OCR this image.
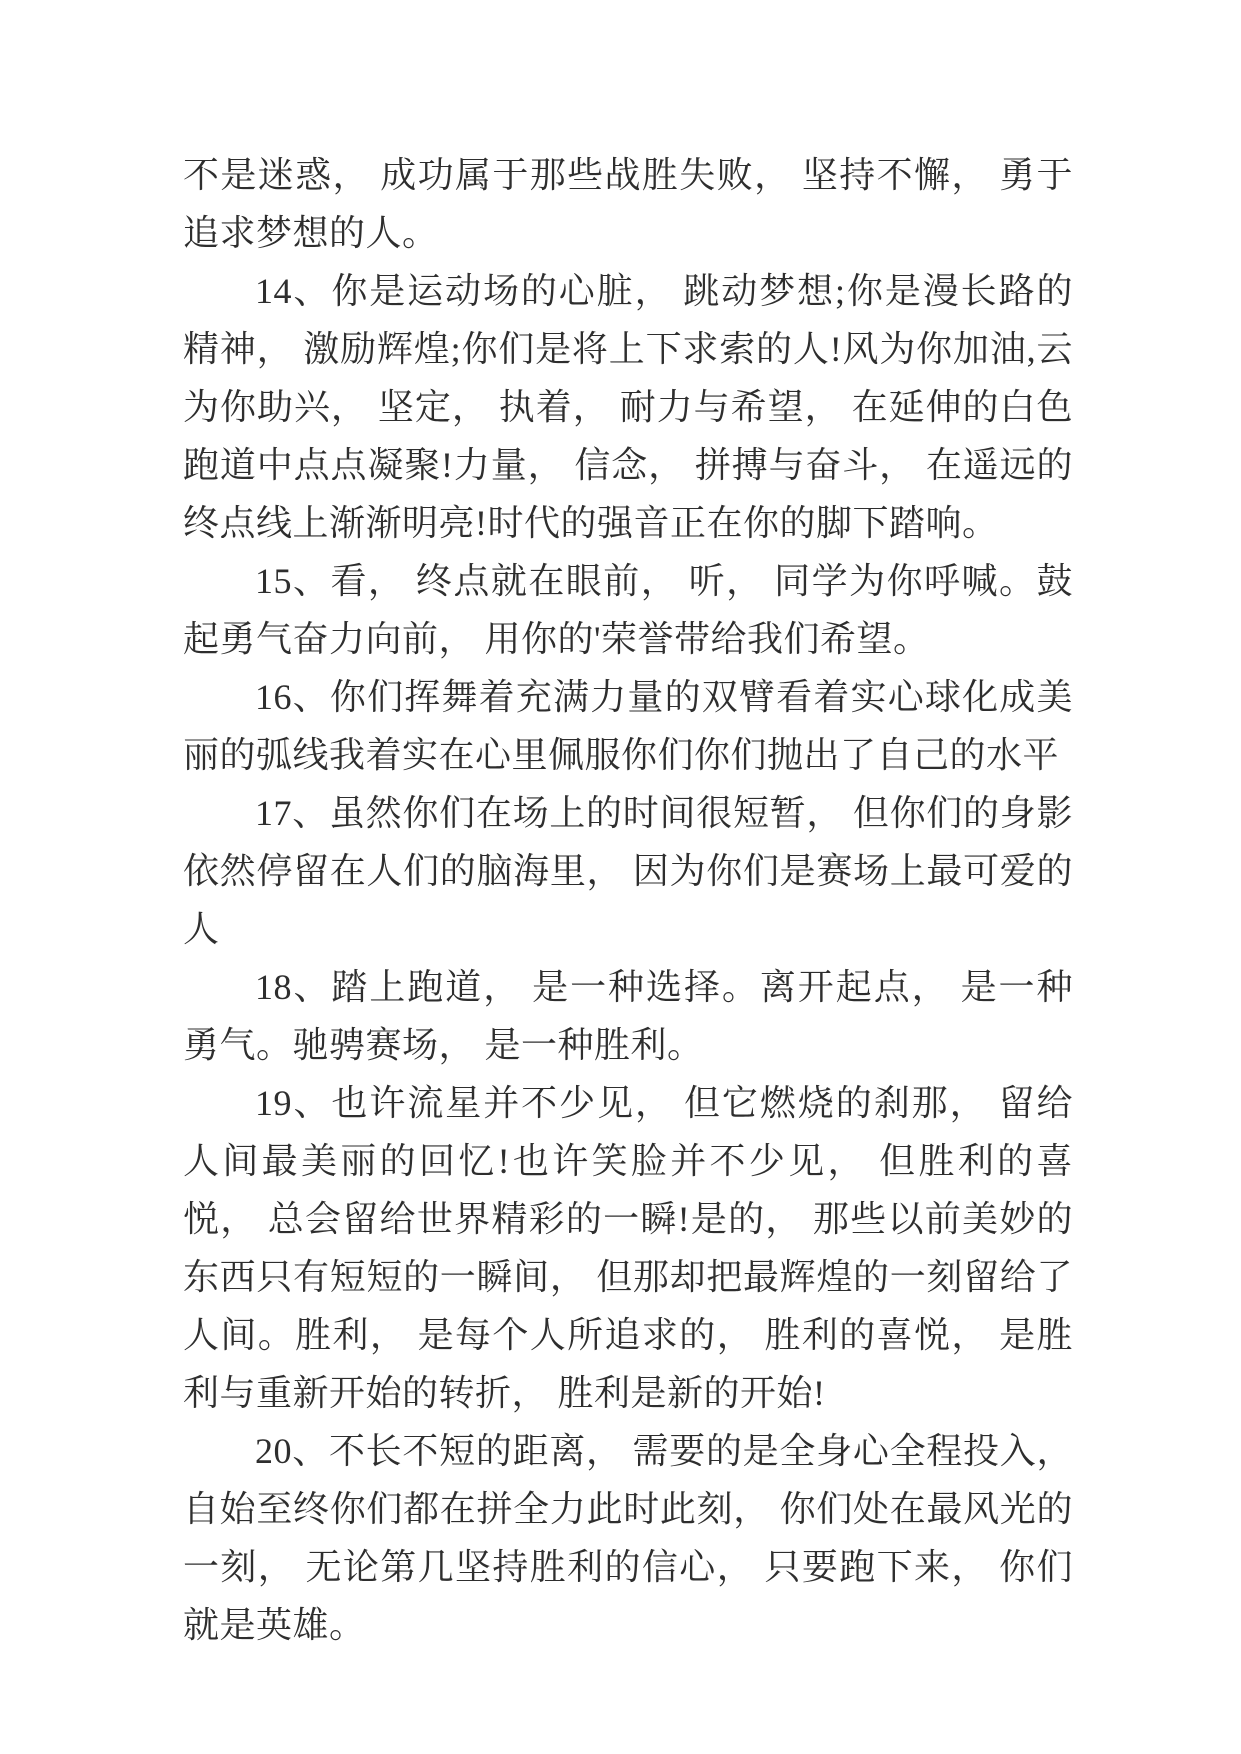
不是迷惑， 成功属于那些战胜失败， 坚持不懈， 勇于追求梦想的人。

14、你是运动场的心脏， 跳动梦想;你是漫长路的精神， 激励辉煌;你们是将上下求索的人!风为你加油,云为你助兴， 坚定， 执着， 耐力与希望， 在延伸的白色跑道中点点凝聚!力量， 信念， 拼搏与奋斗， 在遥远的终点线上渐渐明亮!时代的强音正在你的脚下踏响。

15、看， 终点就在眼前， 听， 同学为你呼喊。鼓起勇气奋力向前， 用你的'荣誉带给我们希望。

16、你们挥舞着充满力量的双臂看着实心球化成美丽的弧线我着实在心里佩服你们你们抛出了自己的水平

17、虽然你们在场上的时间很短暂， 但你们的身影依然停留在人们的脑海里， 因为你们是赛场上最可爱的人

18、踏上跑道， 是一种选择。离开起点， 是一种勇气。驰骋赛场， 是一种胜利。

19、也许流星并不少见， 但它燃烧的刹那， 留给人间最美丽的回忆!也许笑脸并不少见， 但胜利的喜悦， 总会留给世界精彩的一瞬!是的， 那些以前美妙的东西只有短短的一瞬间， 但那却把最辉煌的一刻留给了人间。胜利， 是每个人所追求的， 胜利的喜悦， 是胜利与重新开始的转折， 胜利是新的开始!

20、不长不短的距离， 需要的是全身心全程投入， 自始至终你们都在拼全力此时此刻， 你们处在最风光的一刻， 无论第几坚持胜利的信心， 只要跑下来， 你们就是英雄。
